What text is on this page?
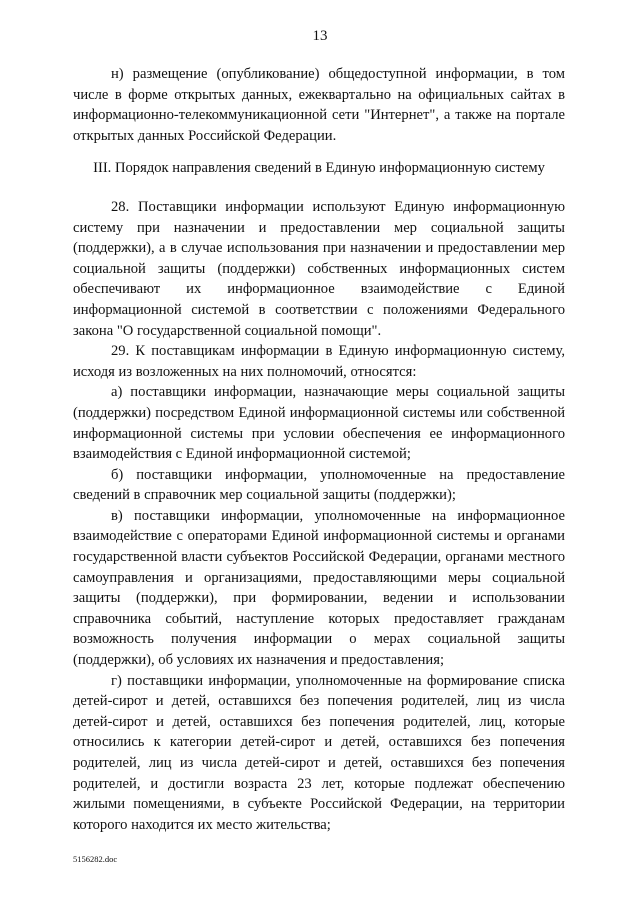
13

н) размещение (опубликование) общедоступной информации, в том числе в форме открытых данных, ежеквартально на официальных сайтах в информационно-телекоммуникационной сети "Интернет", а также на портале открытых данных Российской Федерации.

III. Порядок направления сведений в Единую информационную систему

28. Поставщики информации используют Единую информационную систему при назначении и предоставлении мер социальной защиты (поддержки), а в случае использования при назначении и предоставлении мер социальной защиты (поддержки) собственных информационных систем обеспечивают их информационное взаимодействие с Единой информационной системой в соответствии с положениями Федерального закона "О государственной социальной помощи".

29. К поставщикам информации в Единую информационную систему, исходя из возложенных на них полномочий, относятся:

а) поставщики информации, назначающие меры социальной защиты (поддержки) посредством Единой информационной системы или собственной информационной системы при условии обеспечения ее информационного взаимодействия с Единой информационной системой;

б) поставщики информации, уполномоченные на предоставление сведений в справочник мер социальной защиты (поддержки);

в) поставщики информации, уполномоченные на информационное взаимодействие с операторами Единой информационной системы и органами государственной власти субъектов Российской Федерации, органами местного самоуправления и организациями, предоставляющими меры социальной защиты (поддержки), при формировании, ведении и использовании справочника событий, наступление которых предоставляет гражданам возможность получения информации о мерах социальной защиты (поддержки), об условиях их назначения и предоставления;

г) поставщики информации, уполномоченные на формирование списка детей-сирот и детей, оставшихся без попечения родителей, лиц из числа детей-сирот и детей, оставшихся без попечения родителей, лиц, которые относились к категории детей-сирот и детей, оставшихся без попечения родителей, лиц из числа детей-сирот и детей, оставшихся без попечения родителей, и достигли возраста 23 лет, которые подлежат обеспечению жилыми помещениями, в субъекте Российской Федерации, на территории которого находится их место жительства;

5156282.doc
